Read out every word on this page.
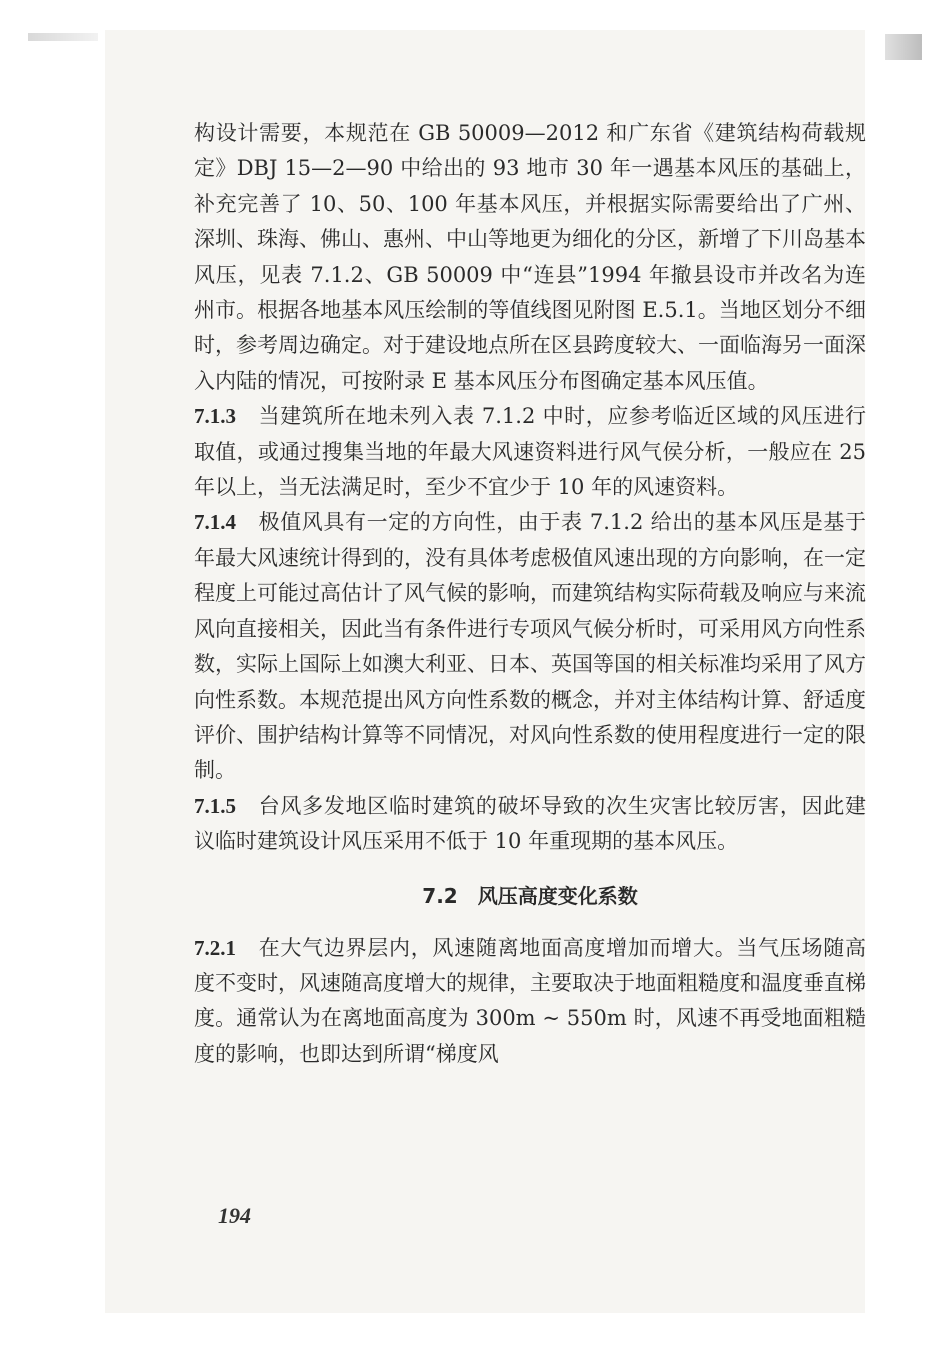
构设计需要，本规范在 GB 50009—2012 和广东省《建筑结构荷载规定》DBJ 15—2—90 中给出的 93 地市 30 年一遇基本风压的基础上，补充完善了 10、50、100 年基本风压，并根据实际需要给出了广州、深圳、珠海、佛山、惠州、中山等地更为细化的分区，新增了下川岛基本风压，见表 7.1.2、GB 50009 中“连县”1994 年撤县设市并改名为连州市。根据各地基本风压绘制的等值线图见附图 E.5.1。当地区划分不细时，参考周边确定。对于建设地点所在区县跨度较大、一面临海另一面深入内陆的情况，可按附录 E 基本风压分布图确定基本风压值。

7.1.3 当建筑所在地未列入表 7.1.2 中时，应参考临近区域的风压进行取值，或通过搜集当地的年最大风速资料进行风气侯分析，一般应在 25 年以上，当无法满足时，至少不宜少于 10 年的风速资料。

7.1.4 极值风具有一定的方向性，由于表 7.1.2 给出的基本风压是基于年最大风速统计得到的，没有具体考虑极值风速出现的方向影响，在一定程度上可能过高估计了风气候的影响，而建筑结构实际荷载及响应与来流风向直接相关，因此当有条件进行专项风气候分析时，可采用风方向性系数，实际上国际上如澳大利亚、日本、英国等国的相关标准均采用了风方向性系数。本规范提出风方向性系数的概念，并对主体结构计算、舒适度评价、围护结构计算等不同情况，对风向性系数的使用程度进行一定的限制。

7.1.5 台风多发地区临时建筑的破坏导致的次生灾害比较厉害，因此建议临时建筑设计风压采用不低于 10 年重现期的基本风压。

7.2 风压高度变化系数

7.2.1 在大气边界层内，风速随离地面高度增加而增大。当气压场随高度不变时，风速随高度增大的规律，主要取决于地面粗糙度和温度垂直梯度。通常认为在离地面高度为 300m ~ 550m 时，风速不再受地面粗糙度的影响，也即达到所谓“梯度风

194
